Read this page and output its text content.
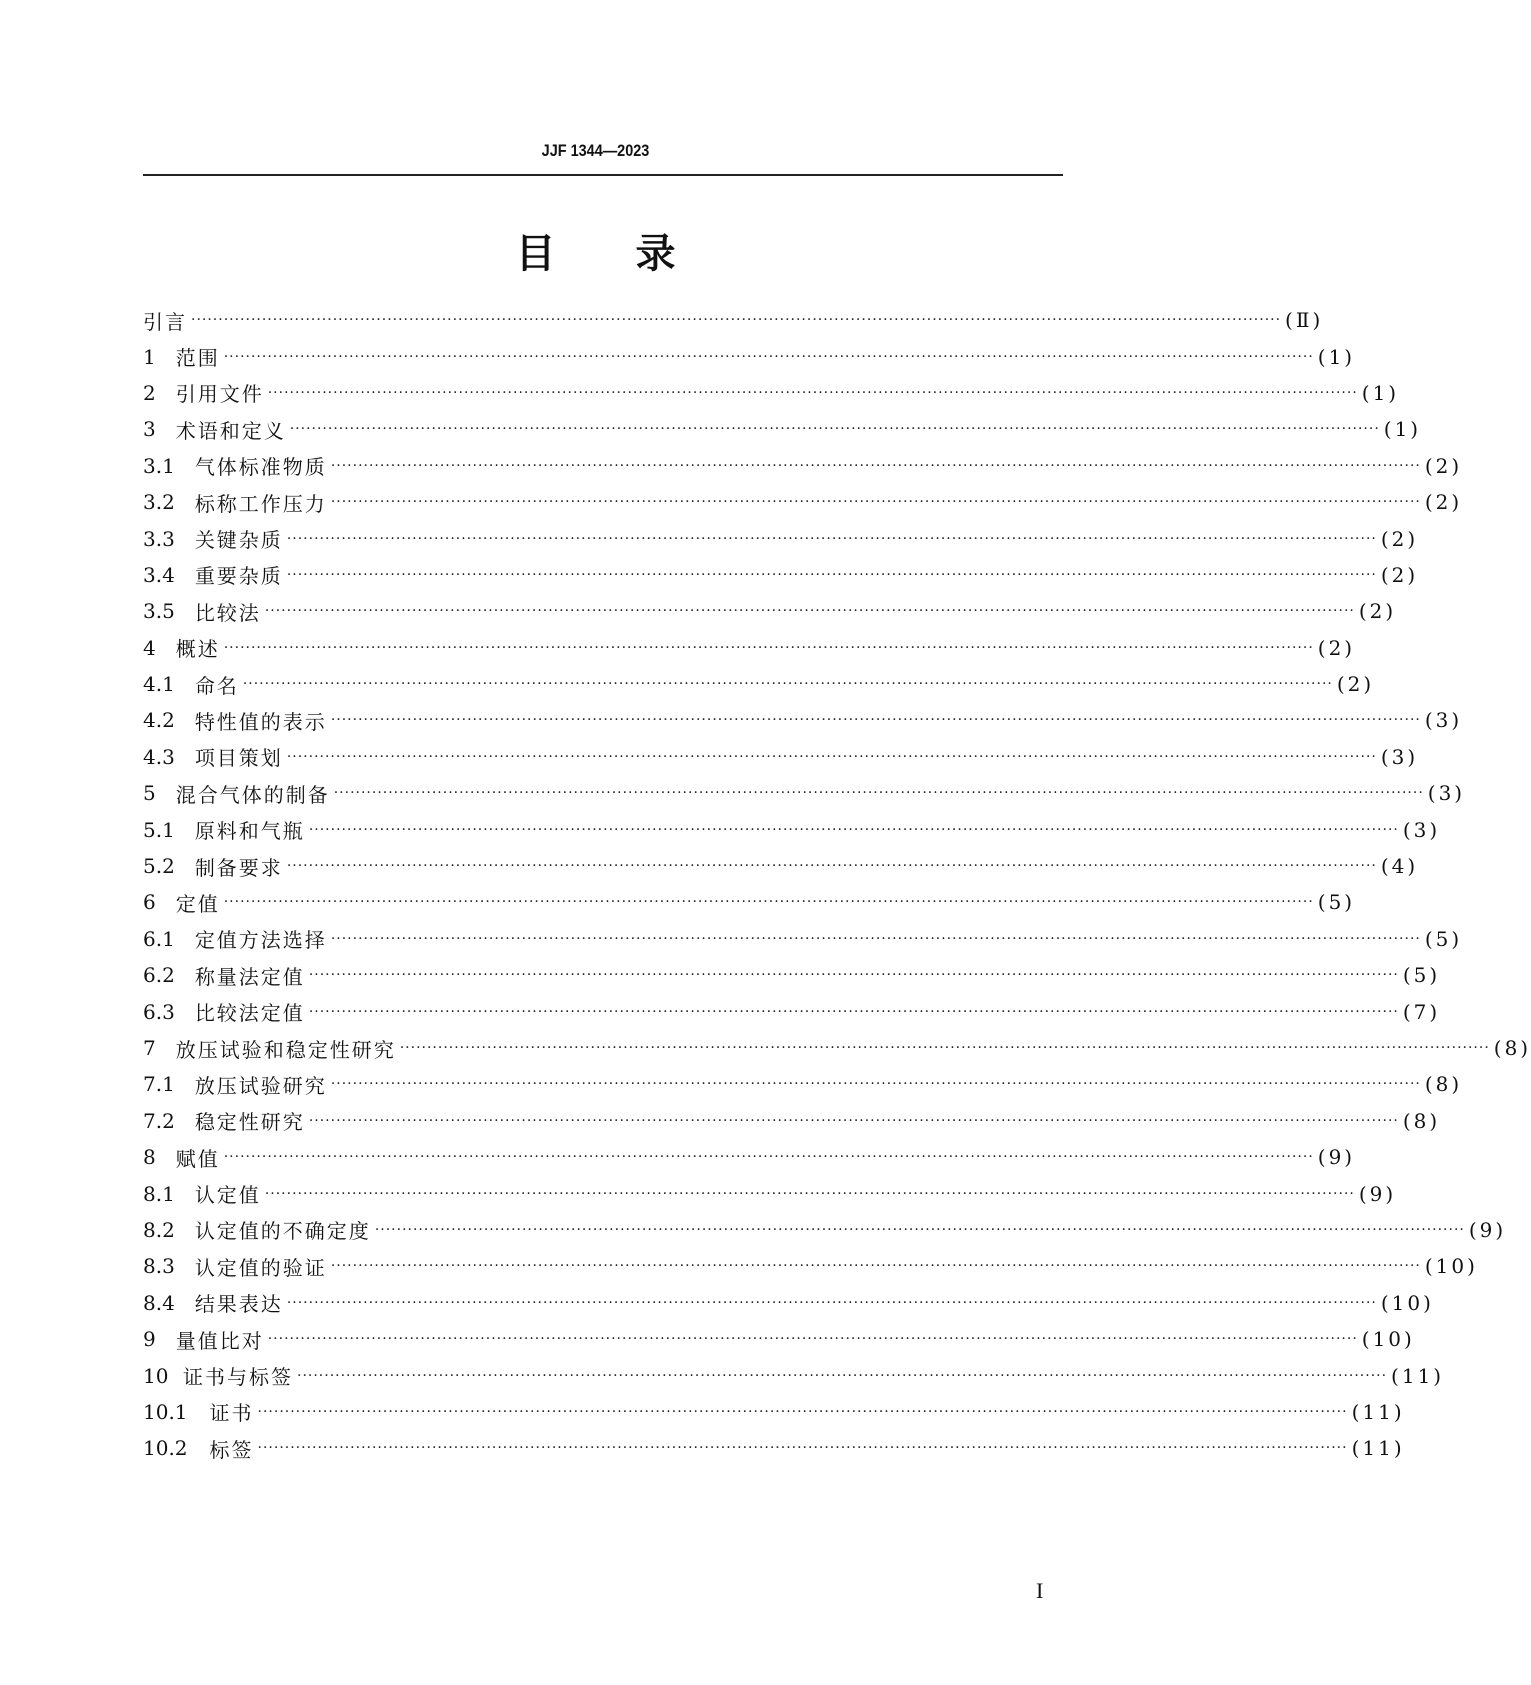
JJF 1344—2023
目 录
引言 ········································································································································································································ (Ⅱ)
1 范围 ········································································································································································································ (1)
2 引用文件 ········································································································································································································ (1)
3 术语和定义 ········································································································································································································ (1)
3.1 气体标准物质 ········································································································································································································ (2)
3.2 标称工作压力 ········································································································································································································ (2)
3.3 关键杂质 ········································································································································································································ (2)
3.4 重要杂质 ········································································································································································································ (2)
3.5 比较法 ········································································································································································································ (2)
4 概述 ········································································································································································································ (2)
4.1 命名 ········································································································································································································ (2)
4.2 特性值的表示 ········································································································································································································ (3)
4.3 项目策划 ········································································································································································································ (3)
5 混合气体的制备 ········································································································································································································ (3)
5.1 原料和气瓶 ········································································································································································································ (3)
5.2 制备要求 ········································································································································································································ (4)
6 定值 ········································································································································································································ (5)
6.1 定值方法选择 ········································································································································································································ (5)
6.2 称量法定值 ········································································································································································································ (5)
6.3 比较法定值 ········································································································································································································ (7)
7 放压试验和稳定性研究 ········································································································································································································ (8)
7.1 放压试验研究 ········································································································································································································ (8)
7.2 稳定性研究 ········································································································································································································ (8)
8 赋值 ········································································································································································································ (9)
8.1 认定值 ········································································································································································································ (9)
8.2 认定值的不确定度 ········································································································································································································ (9)
8.3 认定值的验证 ········································································································································································································ (10)
8.4 结果表达 ········································································································································································································ (10)
9 量值比对 ········································································································································································································ (10)
10 证书与标签 ········································································································································································································ (11)
10.1 证书 ········································································································································································································ (11)
10.2 标签 ········································································································································································································ (11)
I
